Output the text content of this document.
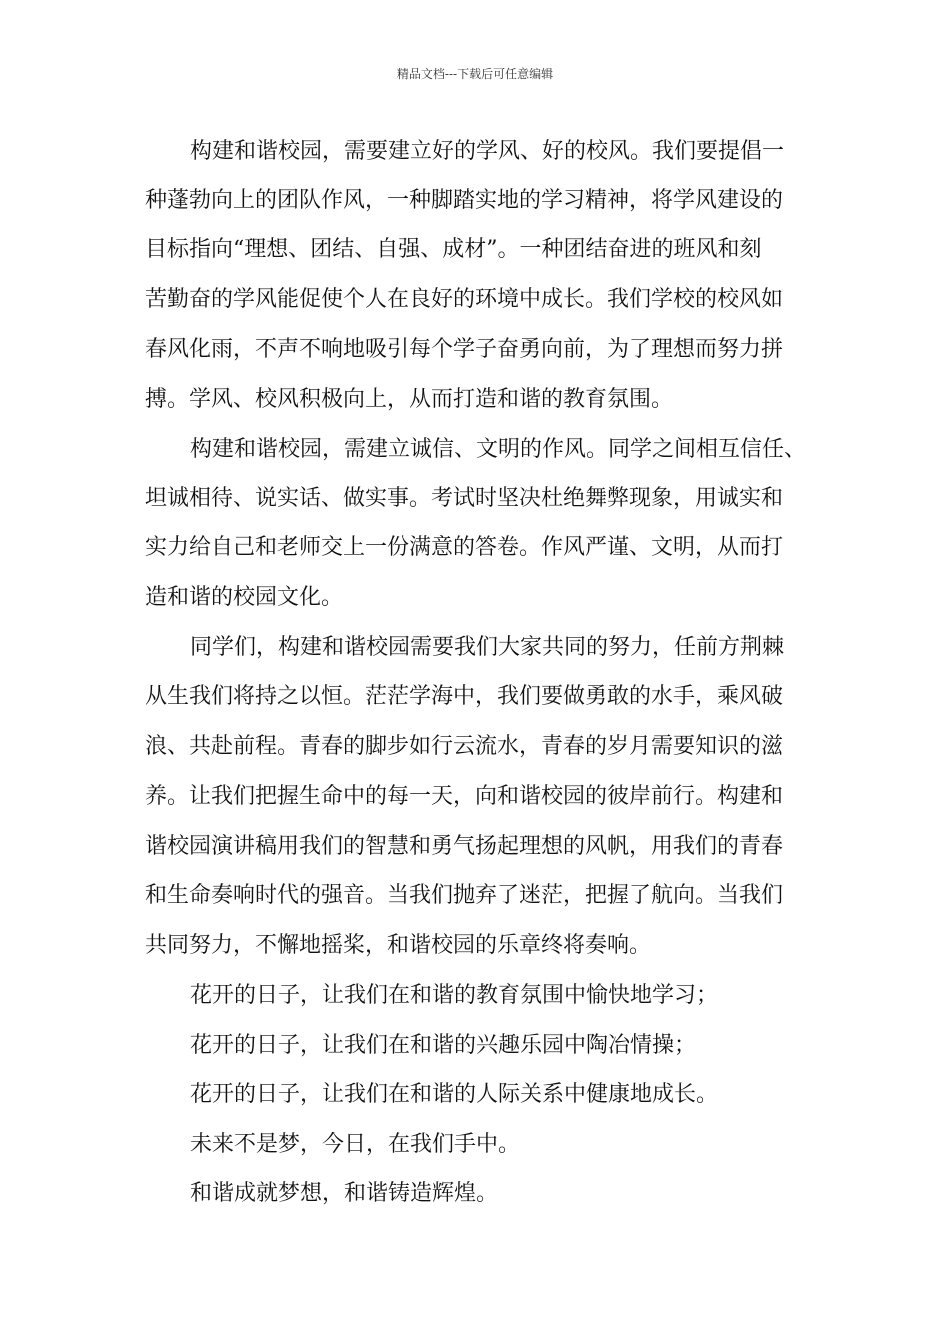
精品文档---下载后可任意编辑
构建和谐校园，需要建立好的学风、好的校风。我们要提倡一
种蓬勃向上的团队作风，一种脚踏实地的学习精神，将学风建设的
目标指向“理想、团结、自强、成材”。一种团结奋进的班风和刻
苦勤奋的学风能促使个人在良好的环境中成长。我们学校的校风如
春风化雨，不声不响地吸引每个学子奋勇向前，为了理想而努力拼
搏。学风、校风积极向上，从而打造和谐的教育氛围。
构建和谐校园，需建立诚信、文明的作风。同学之间相互信任、
坦诚相待、说实话、做实事。考试时坚决杜绝舞弊现象，用诚实和
实力给自己和老师交上一份满意的答卷。作风严谨、文明，从而打
造和谐的校园文化。
同学们，构建和谐校园需要我们大家共同的努力，任前方荆棘
从生我们将持之以恒。茫茫学海中，我们要做勇敢的水手，乘风破
浪、共赴前程。青春的脚步如行云流水，青春的岁月需要知识的滋
养。让我们把握生命中的每一天，向和谐校园的彼岸前行。构建和
谐校园演讲稿用我们的智慧和勇气扬起理想的风帆，用我们的青春
和生命奏响时代的强音。当我们抛弃了迷茫，把握了航向。当我们
共同努力，不懈地摇桨，和谐校园的乐章终将奏响。
花开的日子，让我们在和谐的教育氛围中愉快地学习；
花开的日子，让我们在和谐的兴趣乐园中陶冶情操；
花开的日子，让我们在和谐的人际关系中健康地成长。
未来不是梦，今日，在我们手中。
和谐成就梦想，和谐铸造辉煌。
